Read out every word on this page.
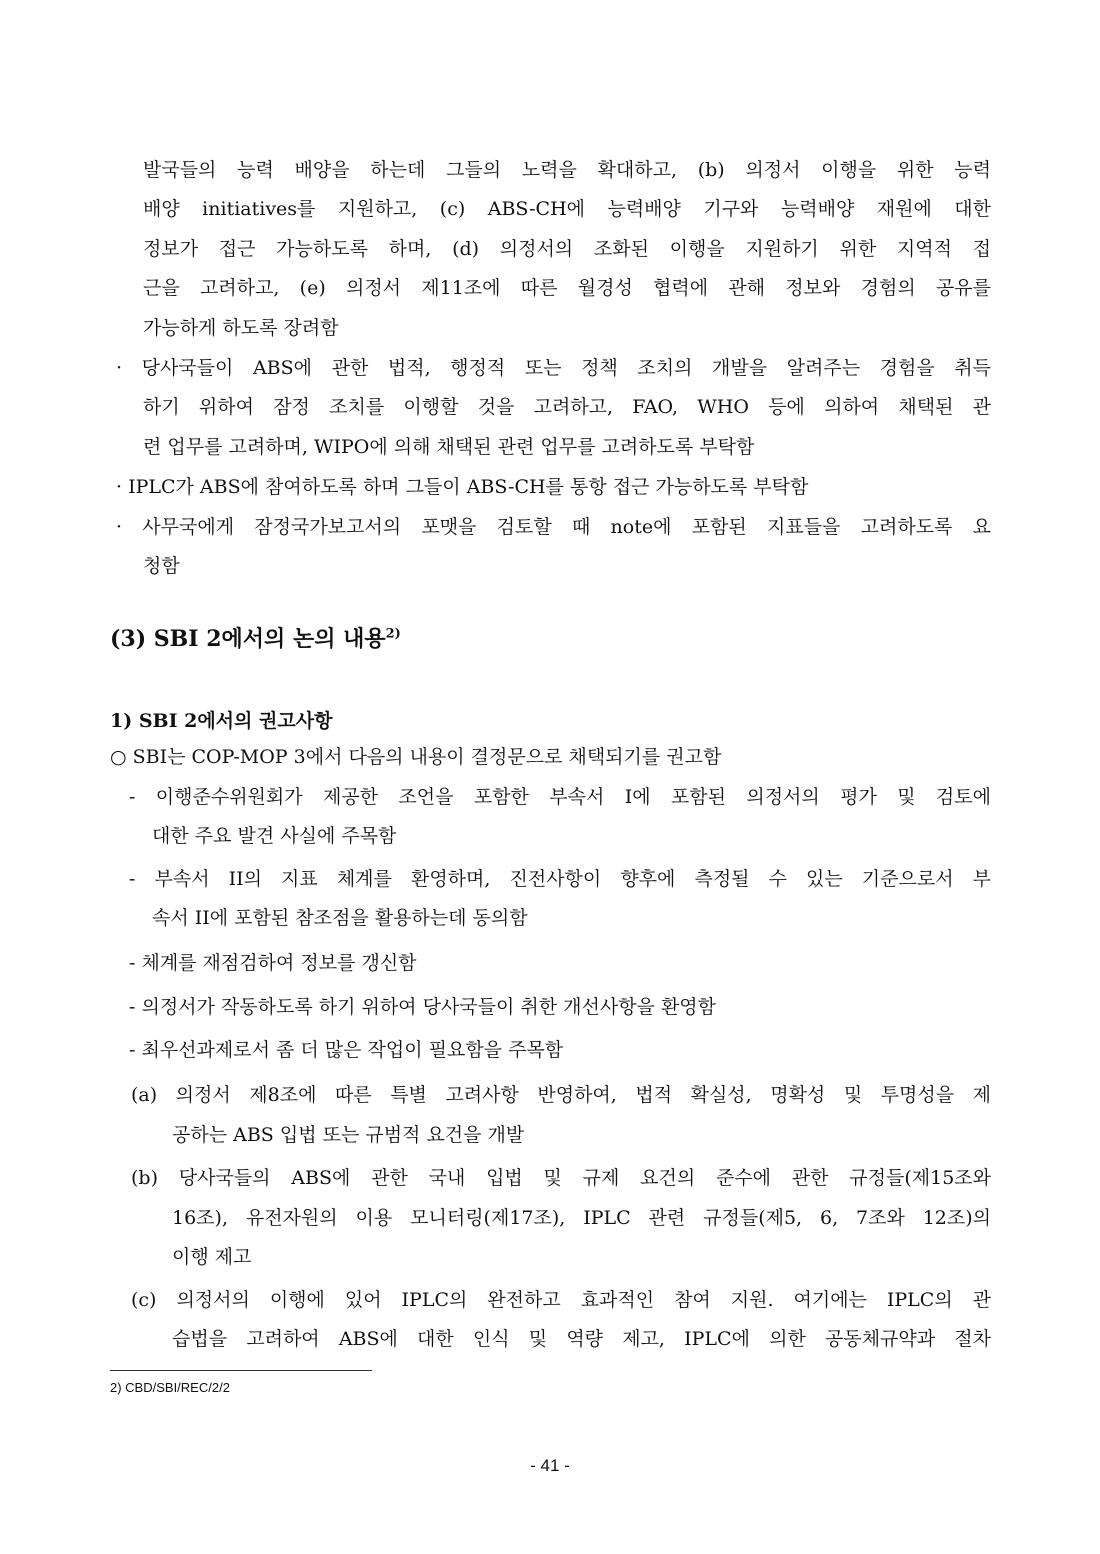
발국들의 능력 배양을 하는데 그들의 노력을 확대하고, (b) 의정서 이행을 위한 능력
배양 initiatives를 지원하고, (c) ABS-CH에 능력배양 기구와 능력배양 재원에 대한
정보가 접근 가능하도록 하며, (d) 의정서의 조화된 이행을 지원하기 위한 지역적 접
근을 고려하고, (e) 의정서 제11조에 따른 월경성 협력에 관해 정보와 경험의 공유를
가능하게 하도록 장려함
· 당사국들이 ABS에 관한 법적, 행정적 또는 정책 조치의 개발을 알려주는 경험을 취득
하기 위하여 잠정 조치를 이행할 것을 고려하고, FAO, WHO 등에 의하여 채택된 관
련 업무를 고려하며, WIPO에 의해 채택된 관련 업무를 고려하도록 부탁함
· IPLC가 ABS에 참여하도록 하며 그들이 ABS-CH를 통항 접근 가능하도록 부탁함
· 사무국에게 잠정국가보고서의 포맷을 검토할 때 note에 포함된 지표들을 고려하도록 요
청함
(3) SBI 2에서의 논의 내용$^{2)}$
1) SBI 2에서의 권고사항
○ SBI는 COP-MOP 3에서 다음의 내용이 결정문으로 채택되기를 권고함
- 이행준수위원회가 제공한 조언을 포함한 부속서 I에 포함된 의정서의 평가 및 검토에
대한 주요 발견 사실에 주목함
- 부속서 II의 지표 체계를 환영하며, 진전사항이 향후에 측정될 수 있는 기준으로서 부
속서 II에 포함된 참조점을 활용하는데 동의함
- 체계를 재점검하여 정보를 갱신함
- 의정서가 작동하도록 하기 위하여 당사국들이 취한 개선사항을 환영함
- 최우선과제로서 좀 더 많은 작업이 필요함을 주목함
(a) 의정서 제8조에 따른 특별 고려사항 반영하여, 법적 확실성, 명확성 및 투명성을 제
공하는 ABS 입법 또는 규범적 요건을 개발
(b) 당사국들의 ABS에 관한 국내 입법 및 규제 요건의 준수에 관한 규정들(제15조와
16조), 유전자원의 이용 모니터링(제17조), IPLC 관련 규정들(제5, 6, 7조와 12조)의
이행 제고
(c) 의정서의 이행에 있어 IPLC의 완전하고 효과적인 참여 지원. 여기에는 IPLC의 관
습법을 고려하여 ABS에 대한 인식 및 역량 제고, IPLC에 의한 공동체규약과 절차
2) CBD/SBI/REC/2/2
- 41 -
